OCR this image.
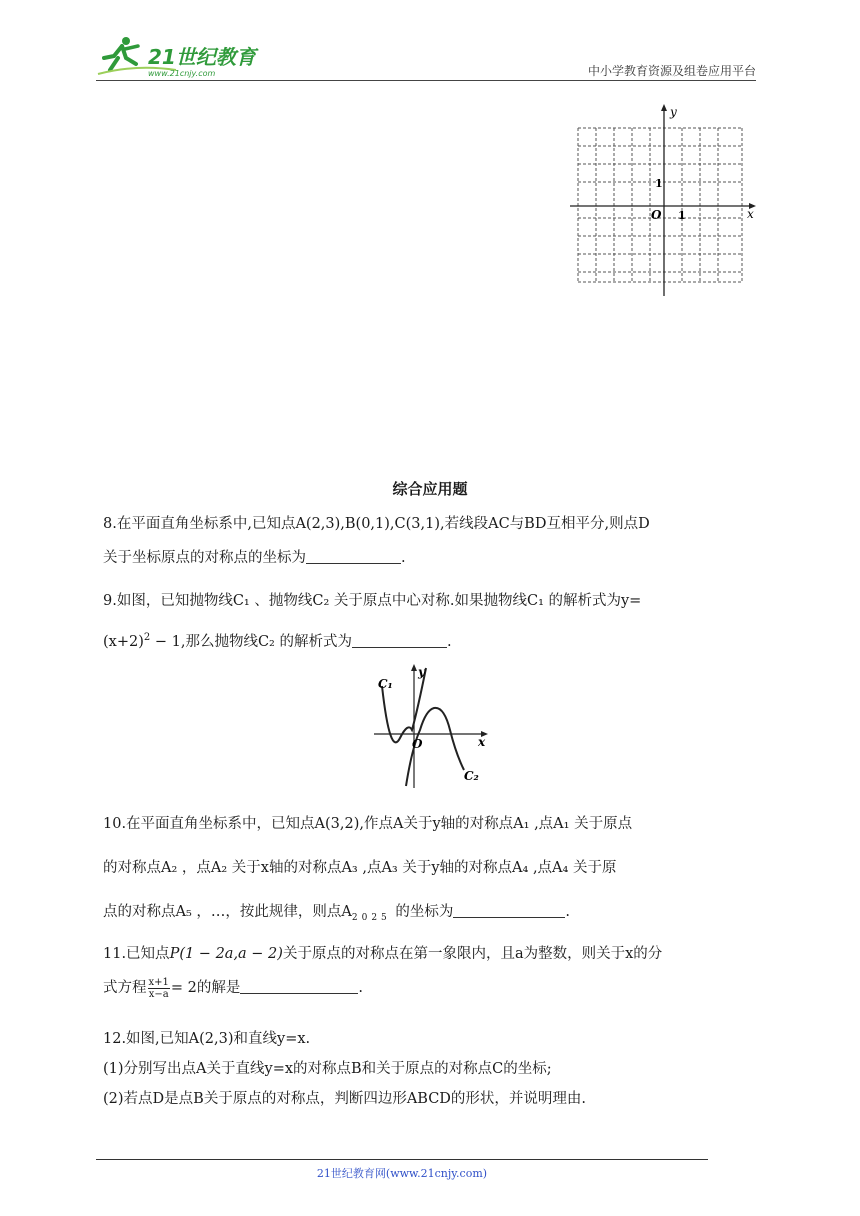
21世纪教育
www.21cnjy.com	中小学教育资源及组卷应用平台
y
x
O 1
1
综合应用题
8.在平面直角坐标系中,已知点A(2,3),B(0,1),C(3,1),若线段AC与BD互相平分,则点D
关于坐标原点的对称点的坐标为	.
9.如图，已知抛物线C₁ 、抛物线C₂ 关于原点中心对称.如果抛物线C₁ 的解析式为y=
$(x+2)^2 - 1$,那么抛物线C₂ 的解析式为	.
y
x
O
C₁
C₂
10.在平面直角坐标系中，已知点A(3,2),作点A关于y轴的对称点A₁ ,点A₁ 关于原点
的对称点A₂ ，点A₂ 关于x轴的对称点A₃ ,点A₃ 关于y轴的对称点A₄ ,点A₄ 关于原
点的对称点A₅ ，…，按此规律，则点$A_{2025}$ 的坐标为	.
11.已知点P(1 − 2a,a − 2)关于原点的对称点在第一象限内，且a为整数，则关于x的分
式方程 $\frac{x+1}{x-a} = 2$的解是	.
12.如图,已知A(2,3)和直线y=x.
(1)分别写出点A关于直线y=x的对称点B和关于原点的对称点C的坐标;
(2)若点D是点B关于原点的对称点，判断四边形ABCD的形状，并说明理由.
21世纪教育网(www.21cnjy.com)
